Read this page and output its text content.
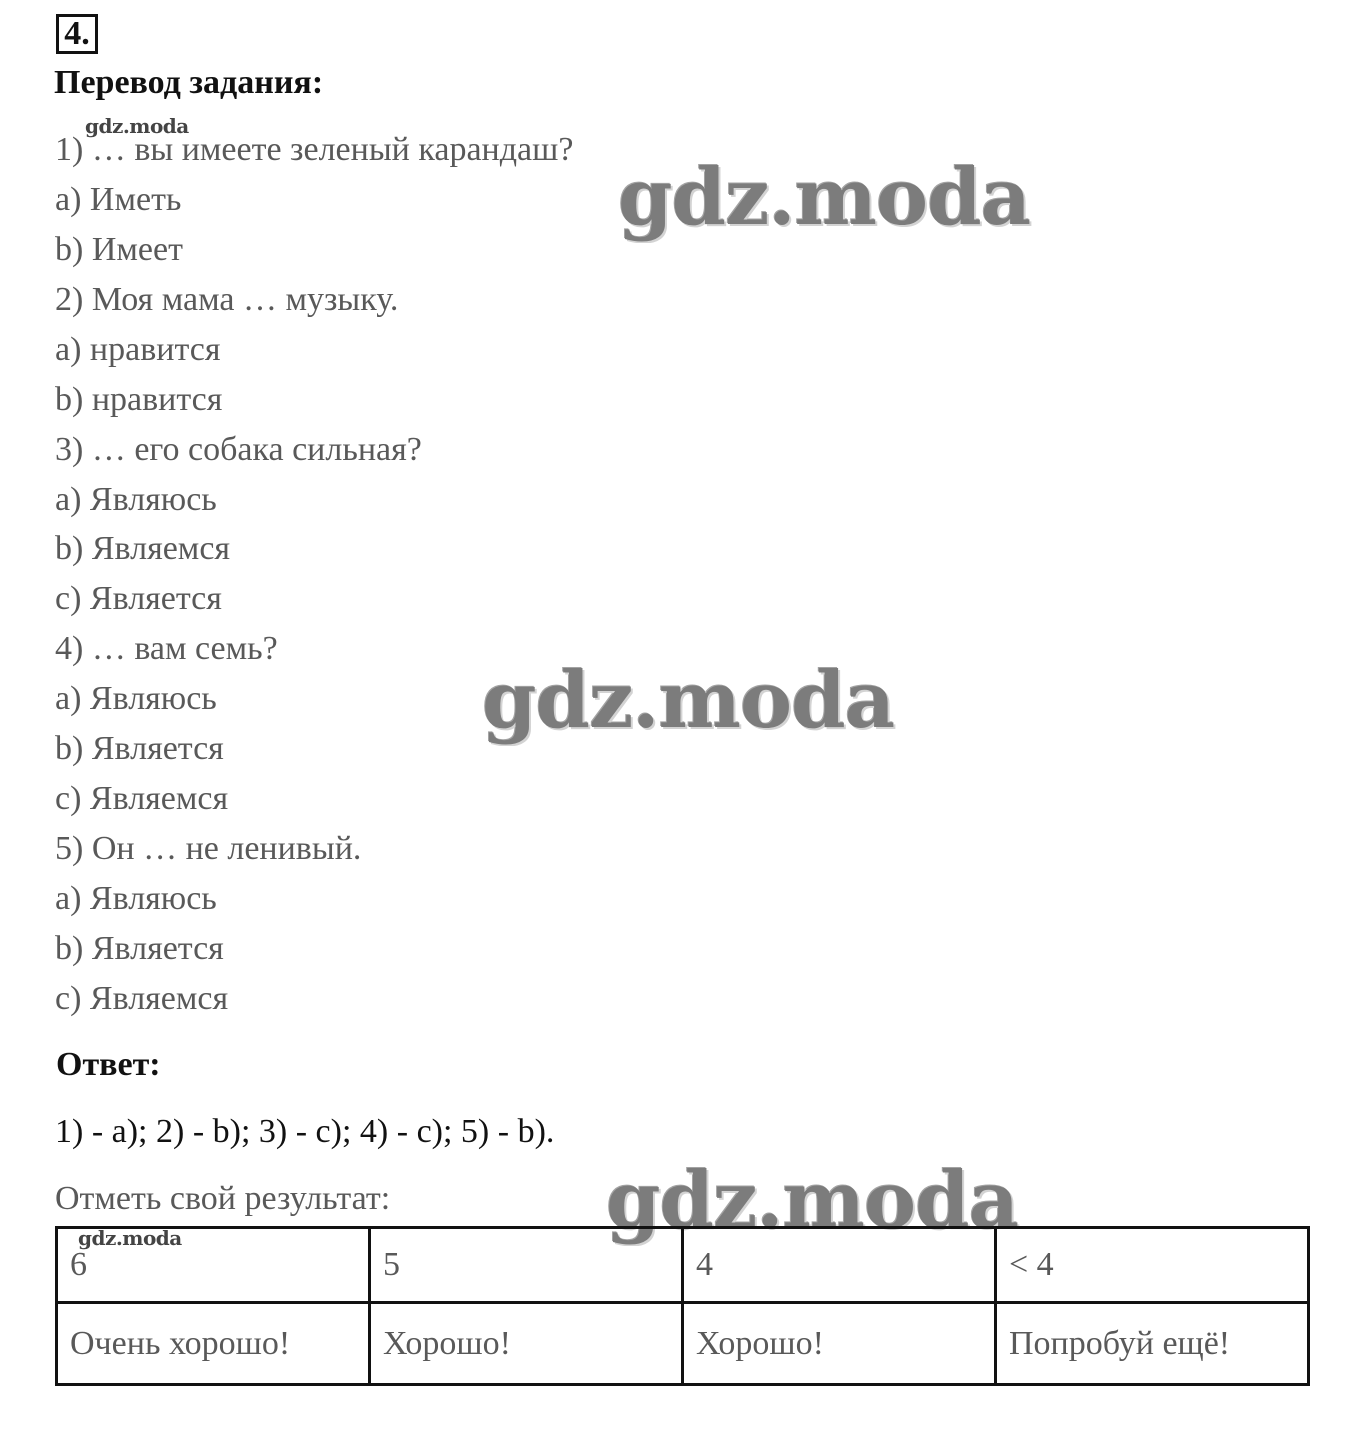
4.
Перевод задания:
gdz.moda
1) … вы имеете зеленый карандаш?
a) Иметь
b) Имеет
2) Моя мама … музыку.
a) нравится
b) нравится
3) … его собака сильная?
a) Являюсь
b) Являемся
c) Является
4) … вам семь?
a) Являюсь
b) Является
c) Являемся
5) Он … не ленивый.
a) Являюсь
b) Является
c) Являемся
Ответ:
1) - a); 2) - b); 3) - c); 4) - c); 5) - b).
Отметь свой результат:
gdz.moda
gdz.moda
gdz.moda
6	5	4	< 4
Очень хорошо!	Хорошо!	Хорошо!	Попробуй ещё!
gdz.moda
